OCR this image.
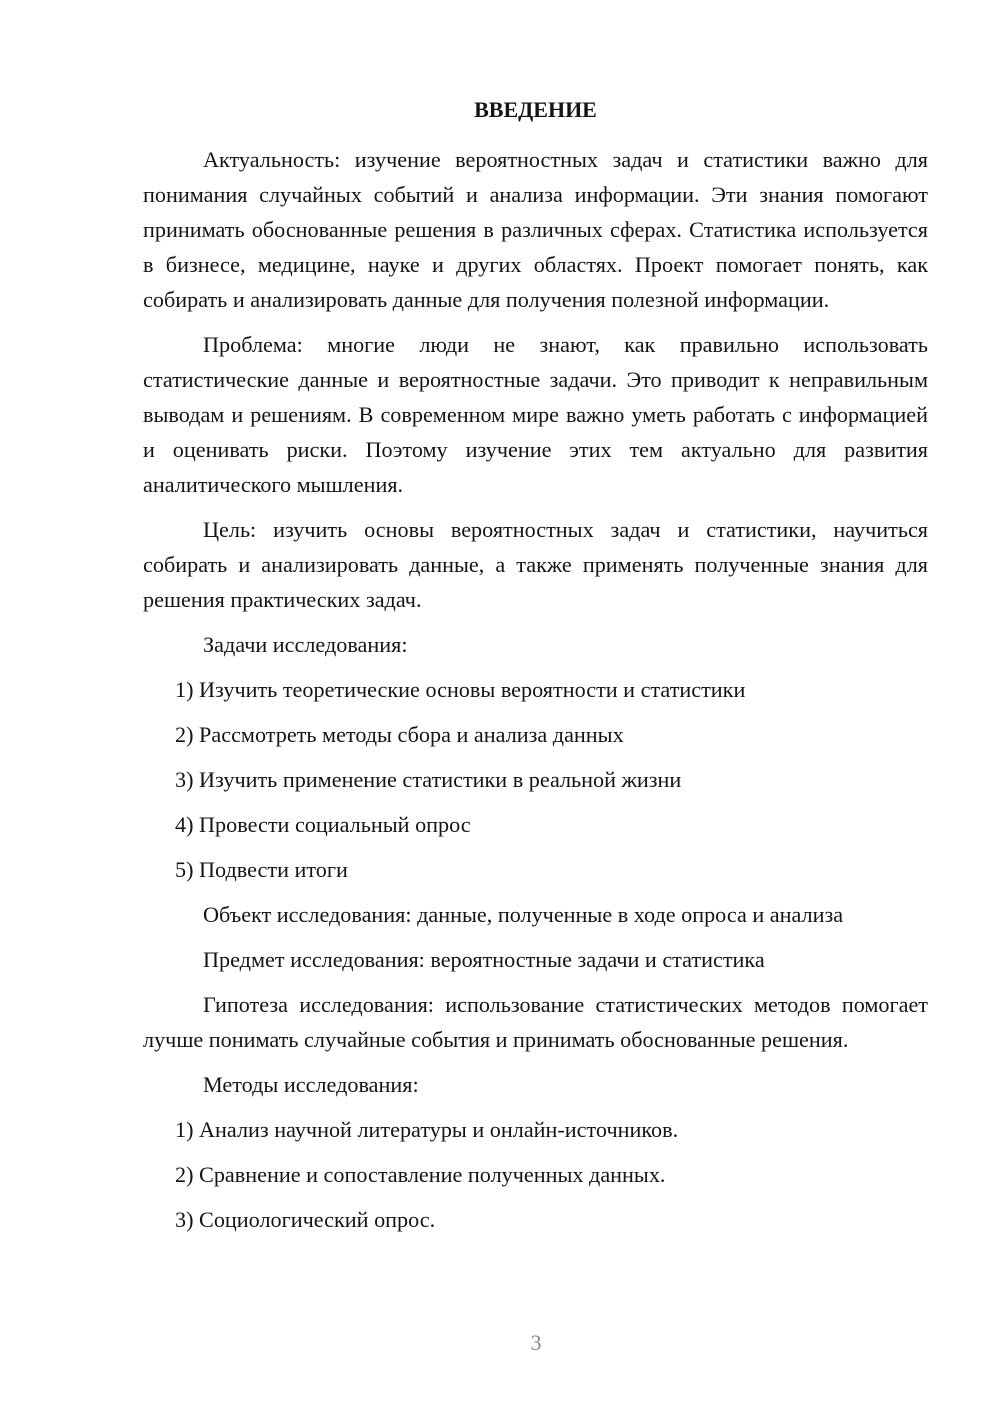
ВВЕДЕНИЕ

Актуальность: изучение вероятностных задач и статистики важно для понимания случайных событий и анализа информации. Эти знания помогают принимать обоснованные решения в различных сферах. Статистика используется в бизнесе, медицине, науке и других областях. Проект помогает понять, как собирать и анализировать данные для получения полезной информации.

Проблема: многие люди не знают, как правильно использовать статистические данные и вероятностные задачи. Это приводит к неправильным выводам и решениям. В современном мире важно уметь работать с информацией и оценивать риски. Поэтому изучение этих тем актуально для развития аналитического мышления.

Цель: изучить основы вероятностных задач и статистики, научиться собирать и анализировать данные, а также применять полученные знания для решения практических задач.

Задачи исследования:

1) Изучить теоретические основы вероятности и статистики

2) Рассмотреть методы сбора и анализа данных

3) Изучить применение статистики в реальной жизни

4) Провести социальный опрос

5) Подвести итоги

Объект исследования: данные, полученные в ходе опроса и анализа

Предмет исследования: вероятностные задачи и статистика

Гипотеза исследования: использование статистических методов помогает лучше понимать случайные события и принимать обоснованные решения.

Методы исследования:

1) Анализ научной литературы и онлайн-источников.

2) Сравнение и сопоставление полученных данных.

3) Социологический опрос.

3
